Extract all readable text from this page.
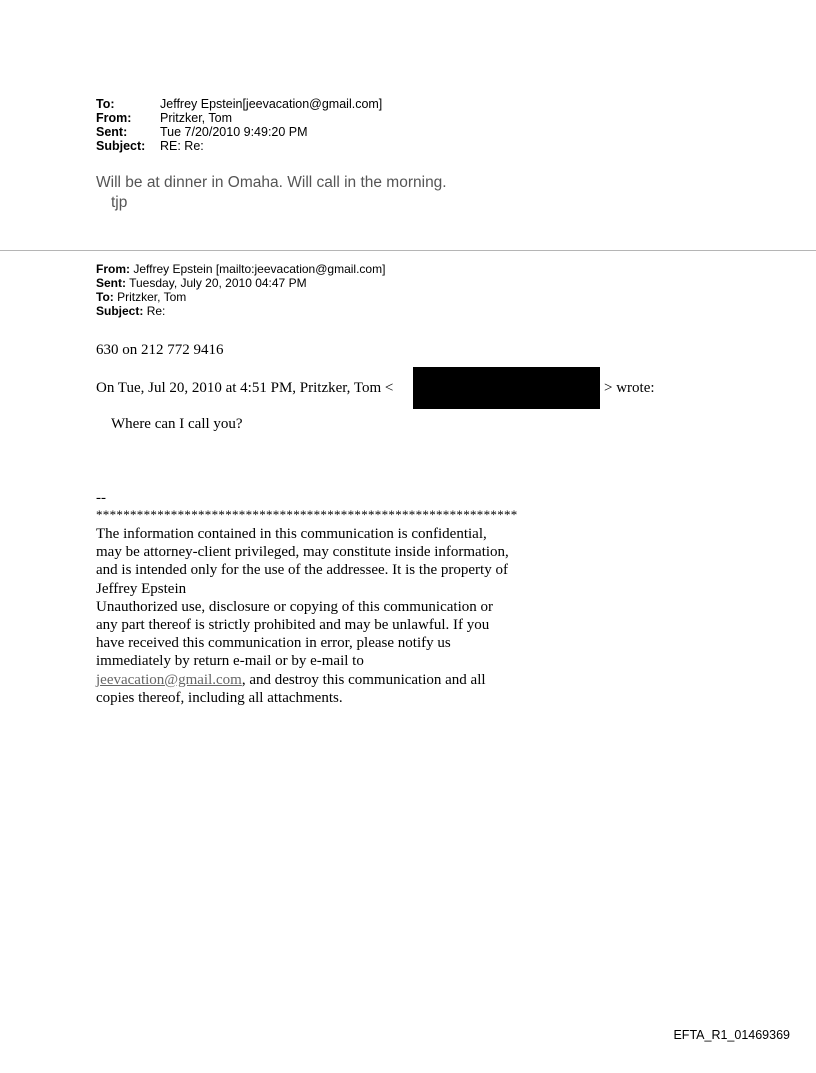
To:	Jeffrey Epstein[jeevacation@gmail.com]
From:	Pritzker, Tom
Sent:	Tue 7/20/2010 9:49:20 PM
Subject:	RE: Re:
Will be at dinner in Omaha. Will call in the morning.
tjp
From: Jeffrey Epstein [mailto:jeevacation@gmail.com]
Sent: Tuesday, July 20, 2010 04:47 PM
To: Pritzker, Tom
Subject: Re:
630 on 212 772 9416
On Tue, Jul 20, 2010 at 4:51 PM, Pritzker, Tom <	> wrote:
Where can I call you?
--
**************************************************************
The information contained in this communication is confidential, may be attorney-client privileged, may constitute inside information, and is intended only for the use of the addressee. It is the property of
Jeffrey Epstein
Unauthorized use, disclosure or copying of this communication or any part thereof is strictly prohibited and may be unlawful. If you have received this communication in error, please notify us immediately by return e-mail or by e-mail to jeevacation@gmail.com, and destroy this communication and all copies thereof, including all attachments.
EFTA_R1_01469369
